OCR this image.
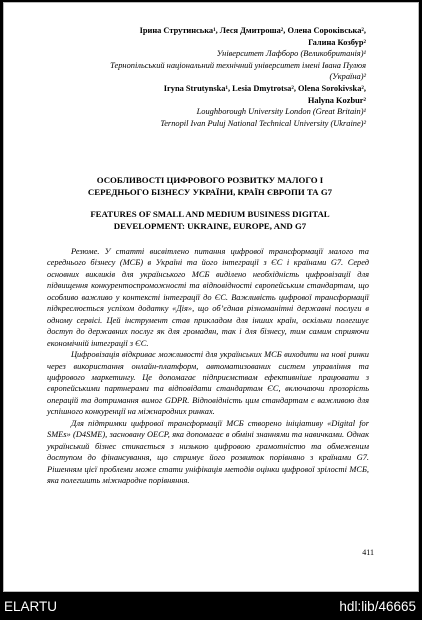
Ірина Струтинська¹, Леся Дмитроша², Олена Сороківська²,
Галина Козбур²
Університет Лафборо (Великобританія)¹
Тернопільський національний технічний університет імені Івана Пулюя
(Україна)²
Iryna Strutynska¹, Lesia Dmytrotsa², Olena Sorokivska²,
Halyna Kozbur²
Loughborough University London (Great Britain)¹
Ternopil Ivan Puluj National Technical University (Ukraine)²
ОСОБЛИВОСТІ ЦИФРОВОГО РОЗВИТКУ МАЛОГО І
СЕРЕДНЬОГО БІЗНЕСУ УКРАЇНИ, КРАЇН ЄВРОПИ ТА G7
FEATURES OF SMALL AND MEDIUM BUSINESS DIGITAL
DEVELOPMENT: UKRAINE, EUROPE, AND G7

Резюме. У статті висвітлено питання цифрової трансформації малого та середнього бізнесу (МСБ) в Україні та його інтеграції з ЄС і країнами G7. Серед основних викликів для українського МСБ виділено необхідність цифровізації для підвищення конкурентоспроможності та відповідності європейським стандартам, що особливо важливо у контексті інтеграції до ЄС. Важливість цифрової трансформації підкреслюється успіхом додатку «Дія», що об’єднав різноманітні державні послуги в одному сервісі. Цей інструмент став прикладом для інших країн, оскільки полегшує доступ до державних послуг як для громадян, так і для бізнесу, тим самим сприяючи економічній інтеграції з ЄС.

Цифровізація відкриває можливості для українських МСБ виходити на нові ринки через використання онлайн-платформ, автоматизованих систем управління та цифрового маркетингу. Це допомагає підприємствам ефективніше працювати з європейськими партнерами та відповідати стандартам ЄС, включаючи прозорість операцій та дотримання вимог GDPR. Відповідність цим стандартам є важливою для успішного конкуренції на міжнародних ринках.

Для підтримки цифрової трансформації МСБ створено ініціативу «Digital for SMEs» (D4SME), засновану OECP, яка допомагає в обміні знаннями та навичками. Однак український бізнес стикається з низькою цифровою грамотністю та обмеженим доступом до фінансування, що стримує його розвиток порівняно з країнами G7. Рішенням цієї проблеми може стати уніфікація методів оцінки цифрової зрілості МСБ, яка полегшить міжнародне порівняння.

411
ELARTU	hdl:lib/46665
